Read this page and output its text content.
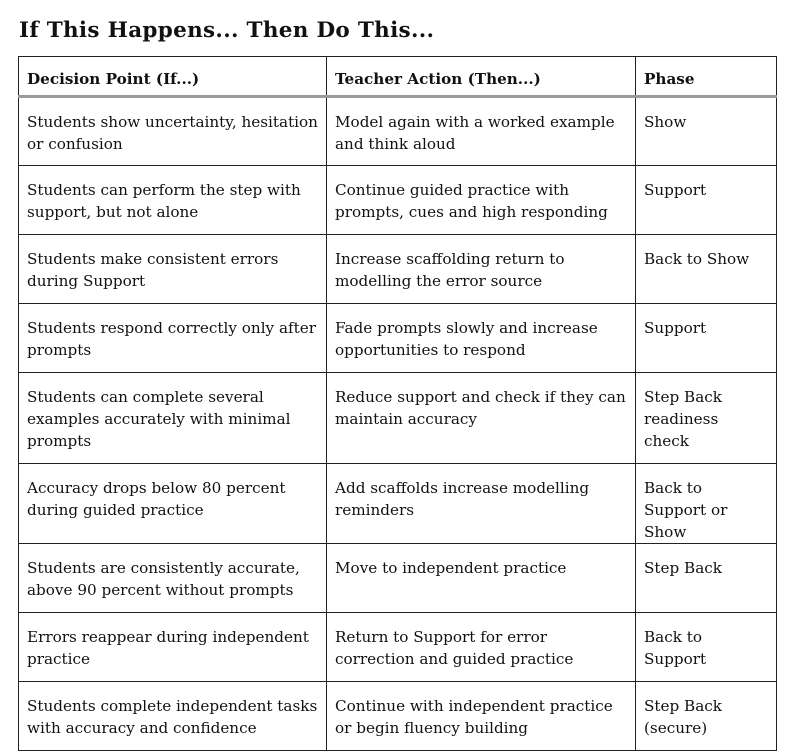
If This Happens... Then Do This...
Decision Point (If...)	Teacher Action (Then...)	Phase
Students show uncertainty, hesitation or confusion	Model again with a worked example and think aloud	Show
Students can perform the step with support, but not alone	Continue guided practice with prompts, cues and high responding	Support
Students make consistent errors during Support	Increase scaffolding return to modelling the error source	Back to Show
Students respond correctly only after prompts	Fade prompts slowly and increase opportunities to respond	Support
Students can complete several examples accurately with minimal prompts	Reduce support and check if they can maintain accuracy	Step Back readiness check
Accuracy drops below 80 percent during guided practice	Add scaffolds increase modelling reminders	Back to Support or Show
Students are consistently accurate, above 90 percent without prompts	Move to independent practice	Step Back
Errors reappear during independent practice	Return to Support for error correction and guided practice	Back to Support
Students complete independent tasks with accuracy and confidence	Continue with independent practice or begin fluency building	Step Back (secure)
